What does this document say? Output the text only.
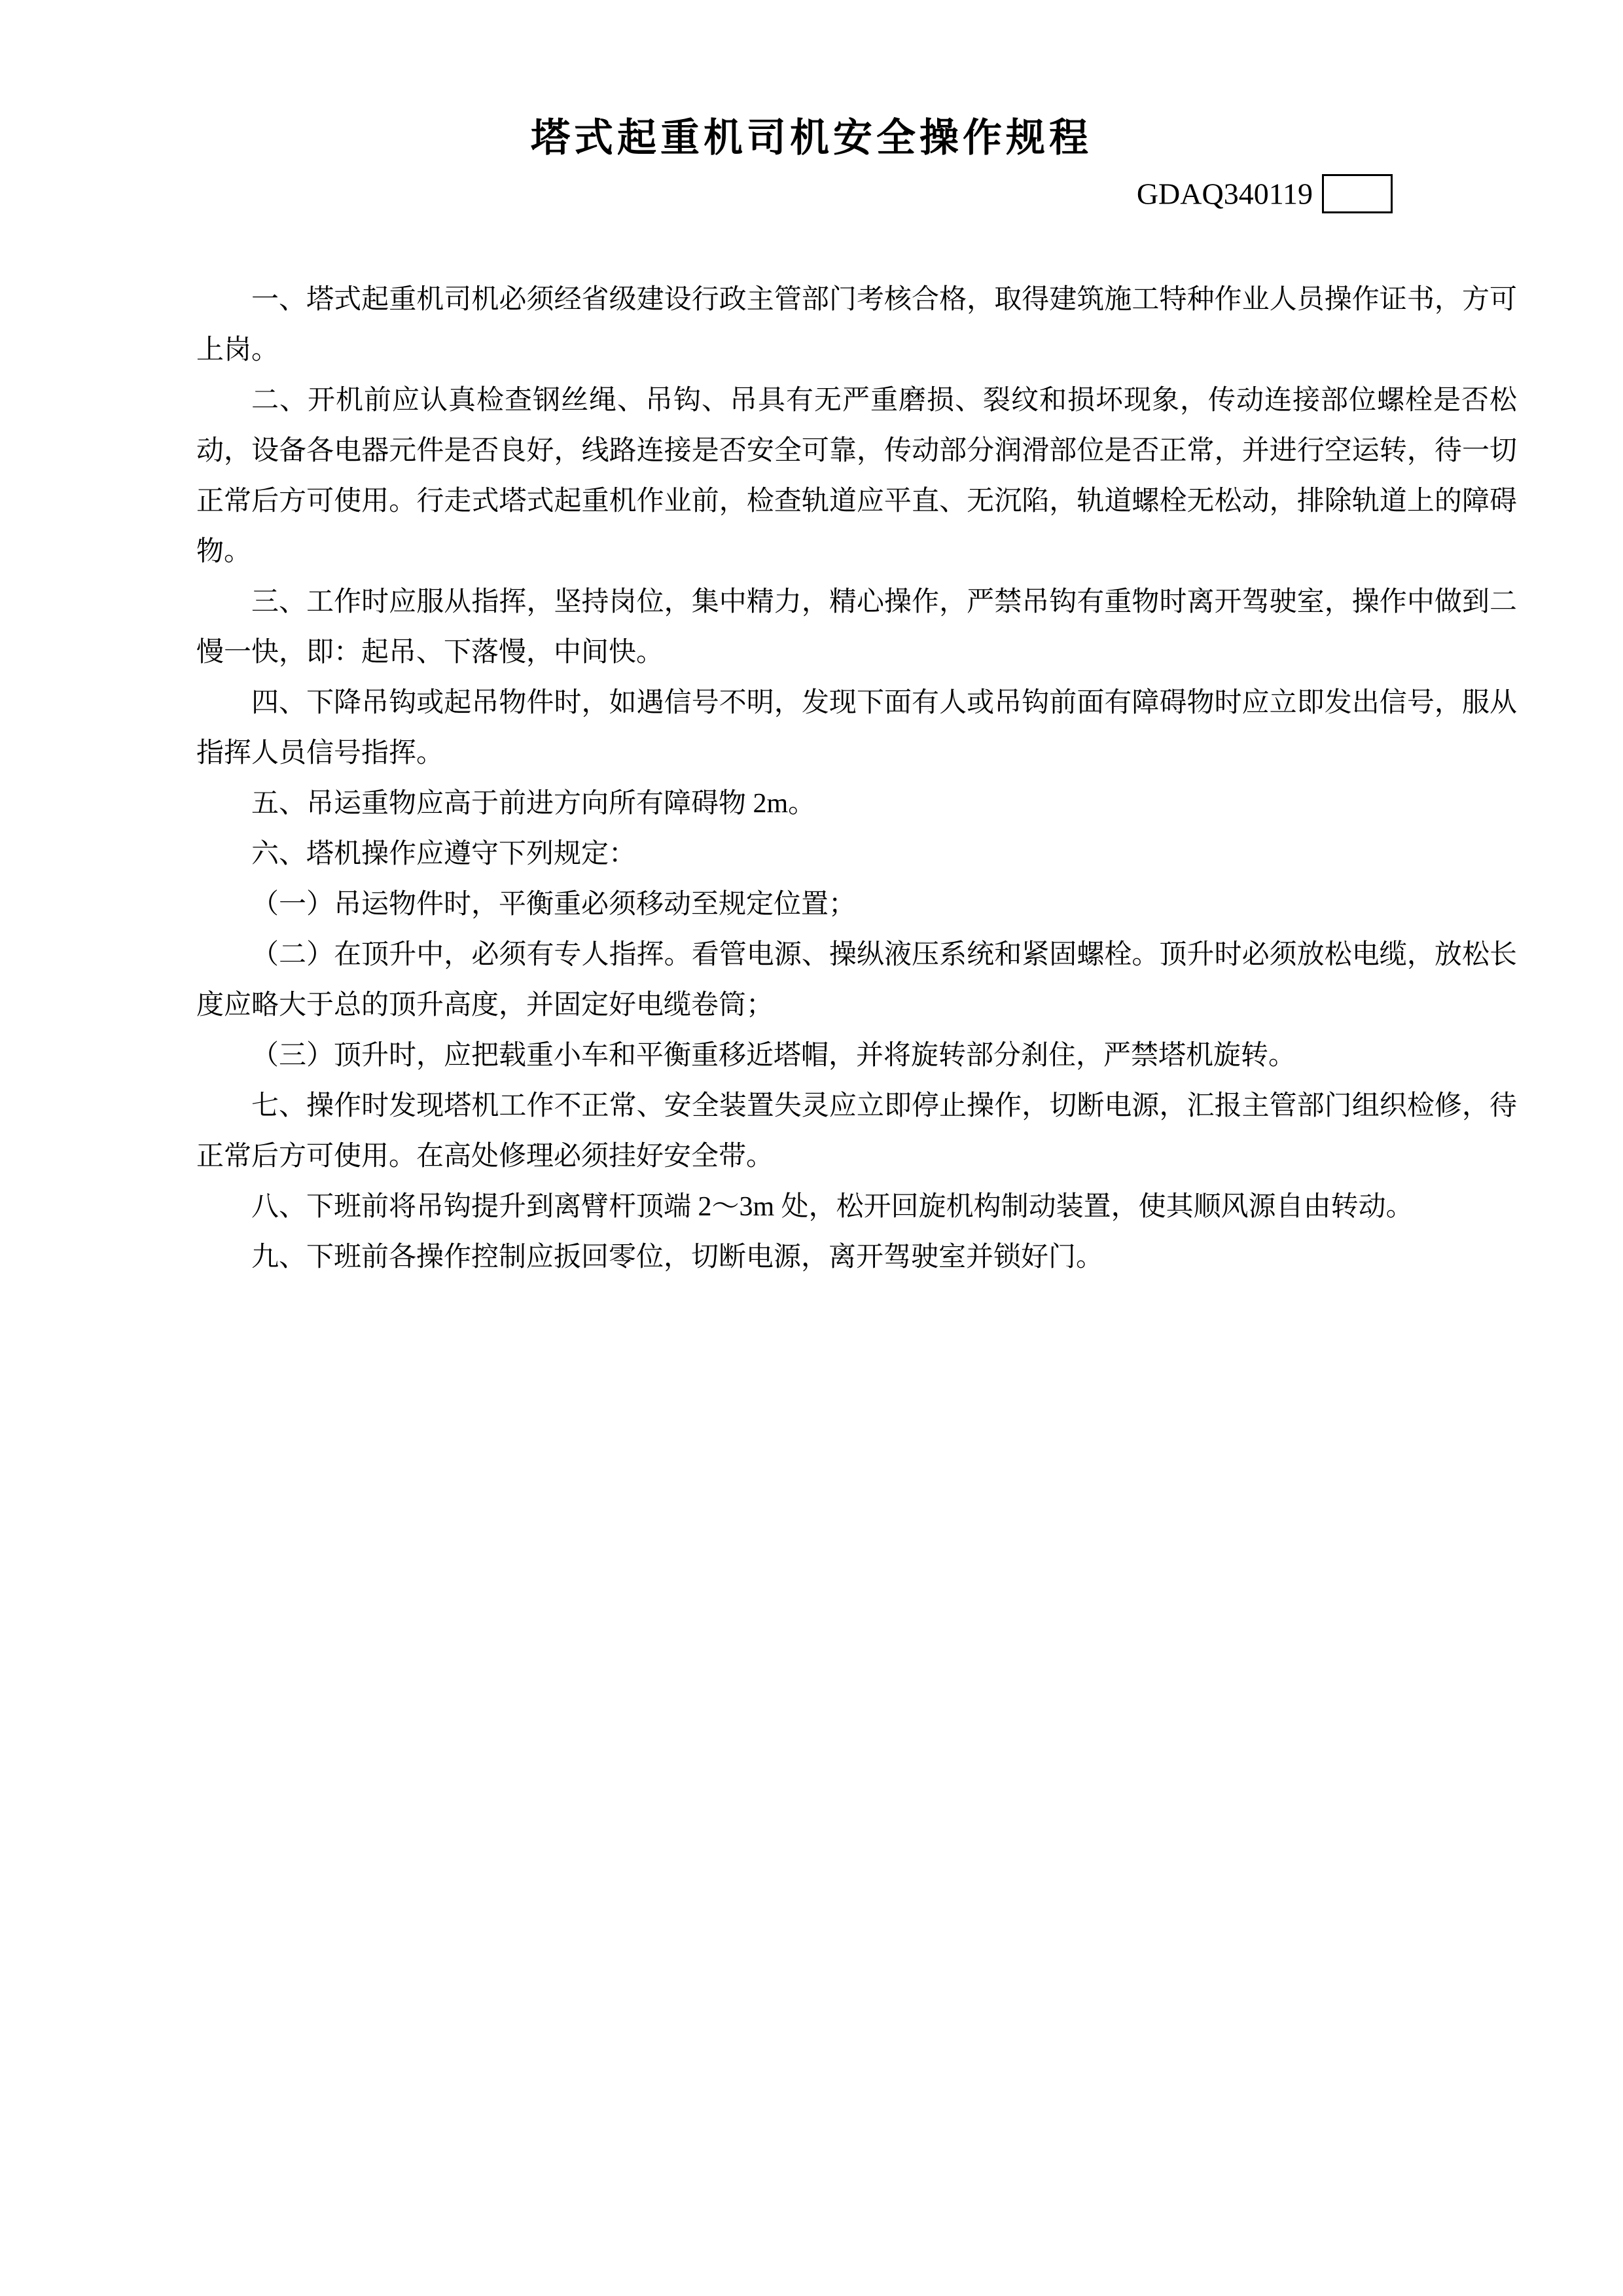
塔式起重机司机安全操作规程
GDAQ340119

一、塔式起重机司机必须经省级建设行政主管部门考核合格，取得建筑施工特种作业人员操作证书，方可上岗。

二、开机前应认真检查钢丝绳、吊钩、吊具有无严重磨损、裂纹和损坏现象，传动连接部位螺栓是否松动，设备各电器元件是否良好，线路连接是否安全可靠，传动部分润滑部位是否正常，并进行空运转，待一切正常后方可使用。行走式塔式起重机作业前，检查轨道应平直、无沉陷，轨道螺栓无松动，排除轨道上的障碍物。

三、工作时应服从指挥，坚持岗位，集中精力，精心操作，严禁吊钩有重物时离开驾驶室，操作中做到二慢一快，即：起吊、下落慢，中间快。

四、下降吊钩或起吊物件时，如遇信号不明，发现下面有人或吊钩前面有障碍物时应立即发出信号，服从指挥人员信号指挥。

五、吊运重物应高于前进方向所有障碍物 2m。

六、塔机操作应遵守下列规定：

（一）吊运物件时，平衡重必须移动至规定位置；

（二）在顶升中，必须有专人指挥。看管电源、操纵液压系统和紧固螺栓。顶升时必须放松电缆，放松长度应略大于总的顶升高度，并固定好电缆卷筒；

（三）顶升时，应把载重小车和平衡重移近塔帽，并将旋转部分刹住，严禁塔机旋转。

七、操作时发现塔机工作不正常、安全装置失灵应立即停止操作，切断电源，汇报主管部门组织检修，待正常后方可使用。在高处修理必须挂好安全带。

八、下班前将吊钩提升到离臂杆顶端 2～3m 处，松开回旋机构制动装置，使其顺风源自由转动。

九、下班前各操作控制应扳回零位，切断电源，离开驾驶室并锁好门。
